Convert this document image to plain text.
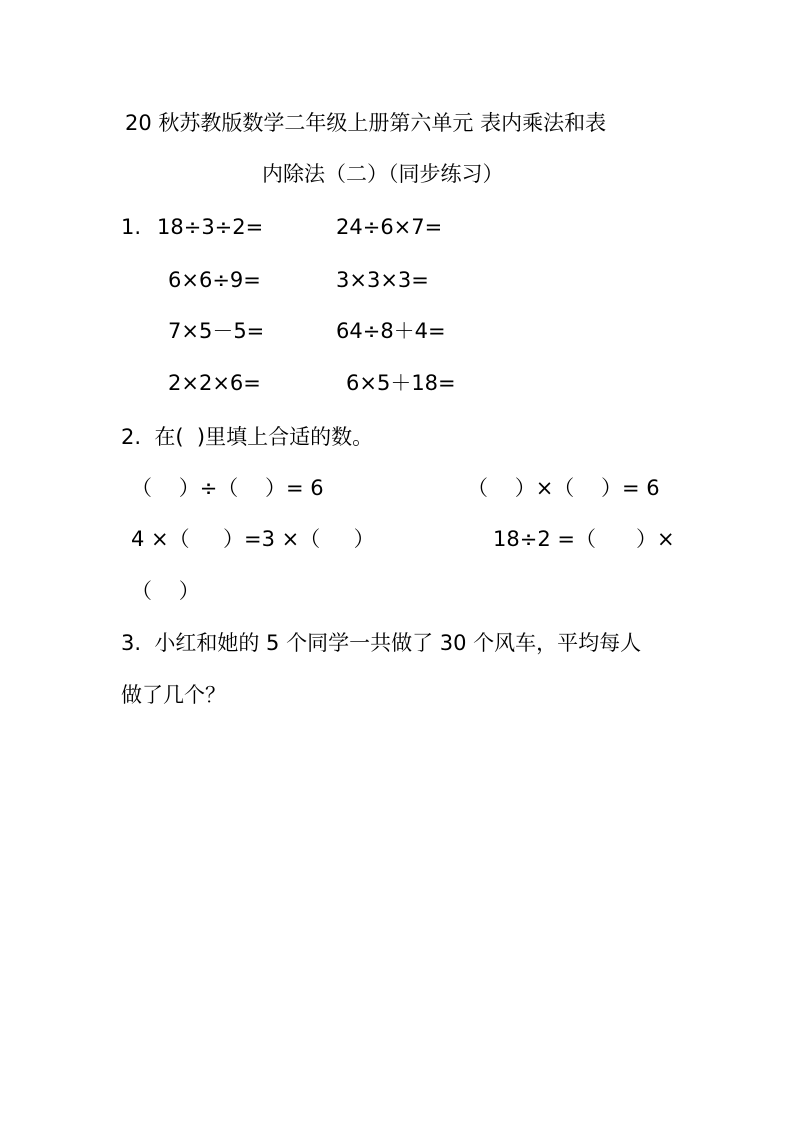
20 秋苏教版数学二年级上册第六单元 表内乘法和表
内除法（二）（同步练习）
1. 18÷3÷2=	24÷6×7=
6×6÷9=	3×3×3=
7×5－5=	64÷8＋4=
2×2×6=	6×5＋18=
2.  在(  )里填上合适的数。
（    ）÷（    ）= 6	（    ）×（    ）= 6
4 ×（     ）=3 ×（     ）	18÷2 =（      ）×
（    ）
3.  小红和她的 5 个同学一共做了 30 个风车，平均每人
做了几个？
